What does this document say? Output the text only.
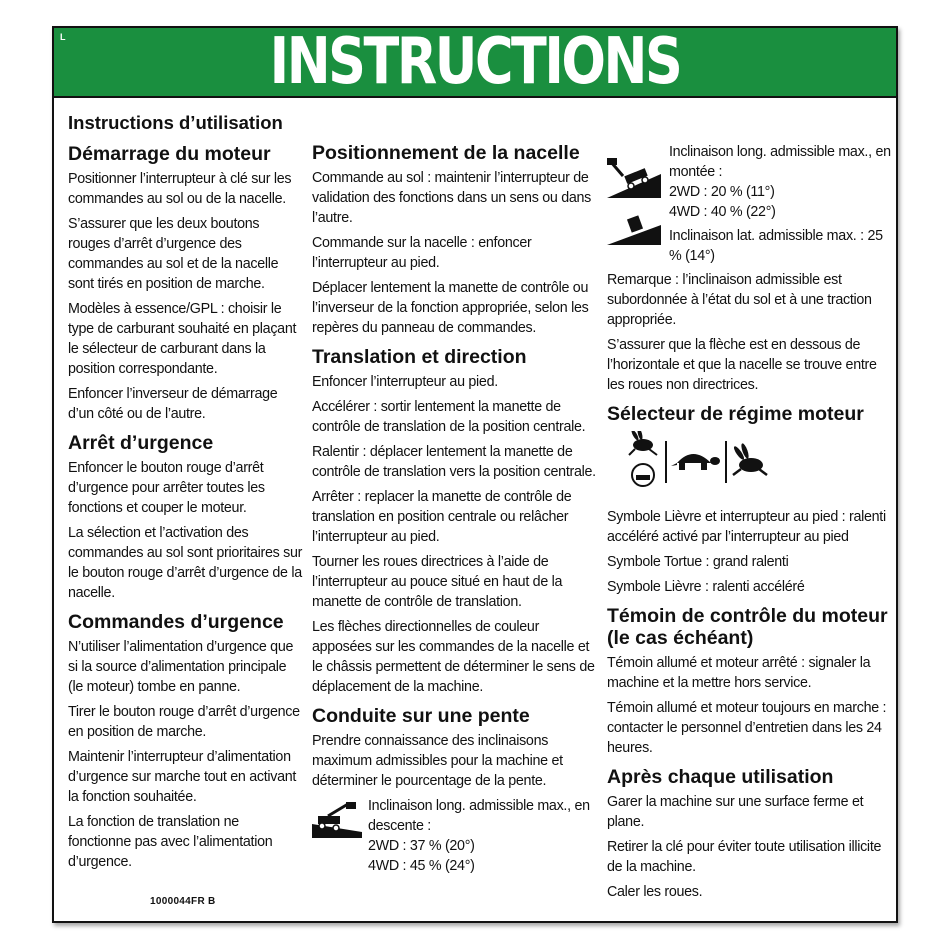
L	INSTRUCTIONS
Instructions d’utilisation
Démarrage du moteur

Positionner l’interrupteur à clé sur les commandes au sol ou de la nacelle.

S’assurer que les deux boutons rouges d’arrêt d’urgence des commandes au sol et de la nacelle sont tirés en position de marche.

Modèles à essence/GPL : choisir le type de carburant souhaité en plaçant le sélecteur de carburant dans la position correspondante.

Enfoncer l’inverseur de démarrage d’un côté ou de l’autre.

Arrêt d’urgence

Enfoncer le bouton rouge d’arrêt d’urgence pour arrêter toutes les fonctions et couper le moteur.

La sélection et l’activation des commandes au sol sont prioritaires sur le bouton rouge d’arrêt d’urgence de la nacelle.

Commandes d’urgence

N’utiliser l’alimentation d’urgence que si la source d’alimentation principale (le moteur) tombe en panne.

Tirer le bouton rouge d’arrêt d’urgence en position de marche.

Maintenir l’interrupteur d’alimentation d’urgence sur marche tout en activant la fonction souhaitée.

La fonction de translation ne fonctionne pas avec l’alimentation d’urgence.

Positionnement de la nacelle

Commande au sol : maintenir l’interrupteur de validation des fonctions dans un sens ou dans l’autre.

Commande sur la nacelle : enfoncer l’interrupteur au pied.

Déplacer lentement la manette de contrôle ou l’inverseur de la fonction appropriée, selon les repères du panneau de commandes.

Translation et direction

Enfoncer l’interrupteur au pied.

Accélérer : sortir lentement la manette de contrôle de translation de la position centrale.

Ralentir : déplacer lentement la manette de contrôle de translation vers la position centrale.

Arrêter : replacer la manette de contrôle de translation en position centrale ou relâcher l’interrupteur au pied.

Tourner les roues directrices à l’aide de l’interrupteur au pouce situé en haut de la manette de contrôle de translation.

Les flèches directionnelles de couleur apposées sur les commandes de la nacelle et le châssis permettent de déterminer le sens de déplacement de la machine.

Conduite sur une pente

Prendre connaissance des inclinaisons maximum admissibles pour la machine et déterminer le pourcentage de la pente.

Inclinaison long. admissible max., en descente :

2WD : 37 % (20°)

4WD : 45 % (24°)

Inclinaison long. admissible max., en montée :

2WD : 20 % (11°)

4WD : 40 % (22°)

Inclinaison lat. admissible max. : 25 % (14°)

Remarque : l’inclinaison admissible est subordonnée à l’état du sol et à une traction appropriée.

S’assurer que la flèche est en dessous de l’horizontale et que la nacelle se trouve entre les roues non directrices.

Sélecteur de régime moteur

Symbole Lièvre et interrupteur au pied : ralenti accéléré activé par l’interrupteur au pied

Symbole Tortue : grand ralenti

Symbole Lièvre : ralenti accéléré

Témoin de contrôle du moteur (le cas échéant)

Témoin allumé et moteur arrêté : signaler la machine et la mettre hors service.

Témoin allumé et moteur toujours en marche : contacter le personnel d’entretien dans les 24 heures.

Après chaque utilisation

Garer la machine sur une surface ferme et plane.

Retirer la clé pour éviter toute utilisation illicite de la machine.

Caler les roues.

1000044FR B
